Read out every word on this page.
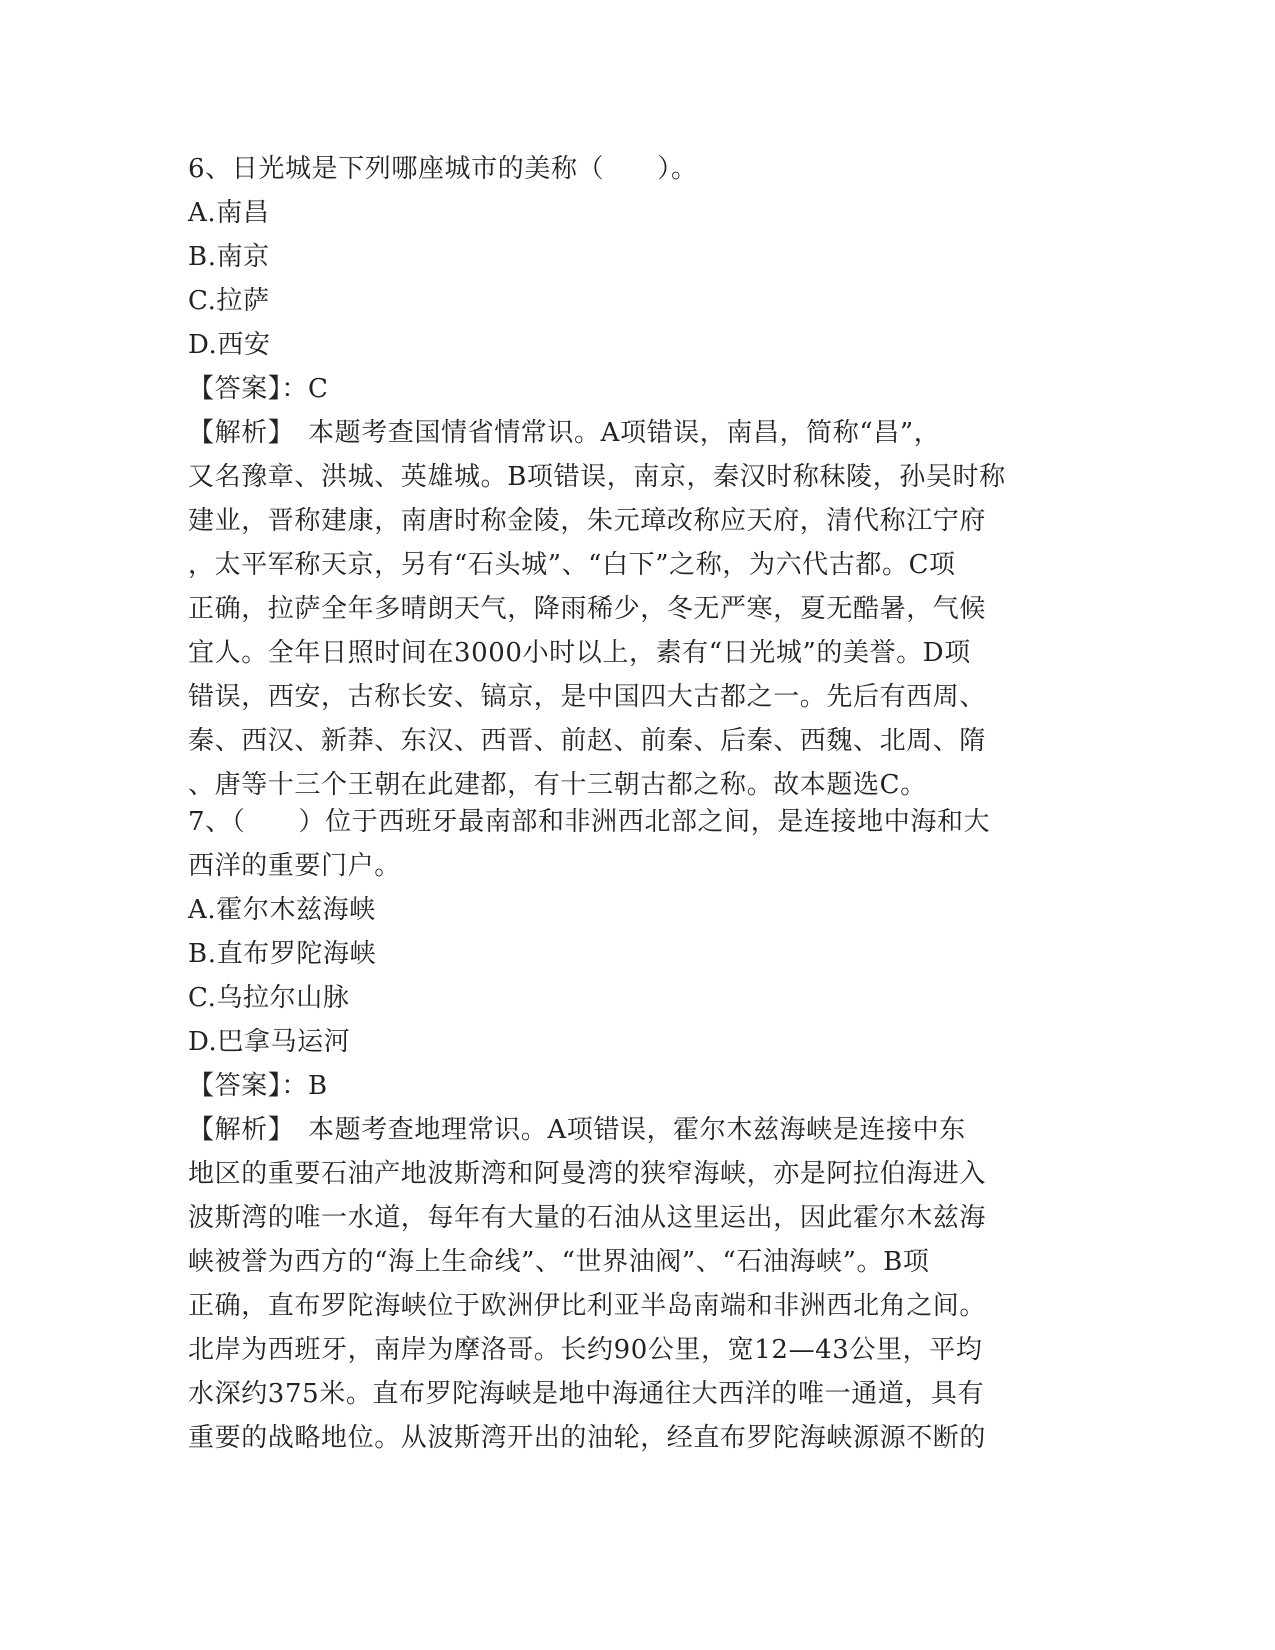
6、日光城是下列哪座城市的美称（　　）。
A.南昌
B.南京
C.拉萨
D.西安
【答案】：C
【解析】　本题考查国情省情常识。A项错误，南昌，简称“昌”，
又名豫章、洪城、英雄城。B项错误，南京，秦汉时称秣陵，孙吴时称
建业，晋称建康，南唐时称金陵，朱元璋改称应天府，清代称江宁府
，太平军称天京，另有“石头城”、“白下”之称，为六代古都。C项
正确，拉萨全年多晴朗天气，降雨稀少，冬无严寒，夏无酷暑，气候
宜人。全年日照时间在3000小时以上，素有“日光城”的美誉。D项
错误，西安，古称长安、镐京，是中国四大古都之一。先后有西周、
秦、西汉、新莽、东汉、西晋、前赵、前秦、后秦、西魏、北周、隋
、唐等十三个王朝在此建都，有十三朝古都之称。故本题选C。
7、（　　）位于西班牙最南部和非洲西北部之间，是连接地中海和大
西洋的重要门户。
A.霍尔木兹海峡
B.直布罗陀海峡
C.乌拉尔山脉
D.巴拿马运河
【答案】：B
【解析】　本题考查地理常识。A项错误，霍尔木兹海峡是连接中东
地区的重要石油产地波斯湾和阿曼湾的狭窄海峡，亦是阿拉伯海进入
波斯湾的唯一水道，每年有大量的石油从这里运出，因此霍尔木兹海
峡被誉为西方的“海上生命线”、“世界油阀”、“石油海峡”。B项
正确，直布罗陀海峡位于欧洲伊比利亚半岛南端和非洲西北角之间。
北岸为西班牙，南岸为摩洛哥。长约90公里，宽12—43公里，平均
水深约375米。直布罗陀海峡是地中海通往大西洋的唯一通道，具有
重要的战略地位。从波斯湾开出的油轮，经直布罗陀海峡源源不断的
